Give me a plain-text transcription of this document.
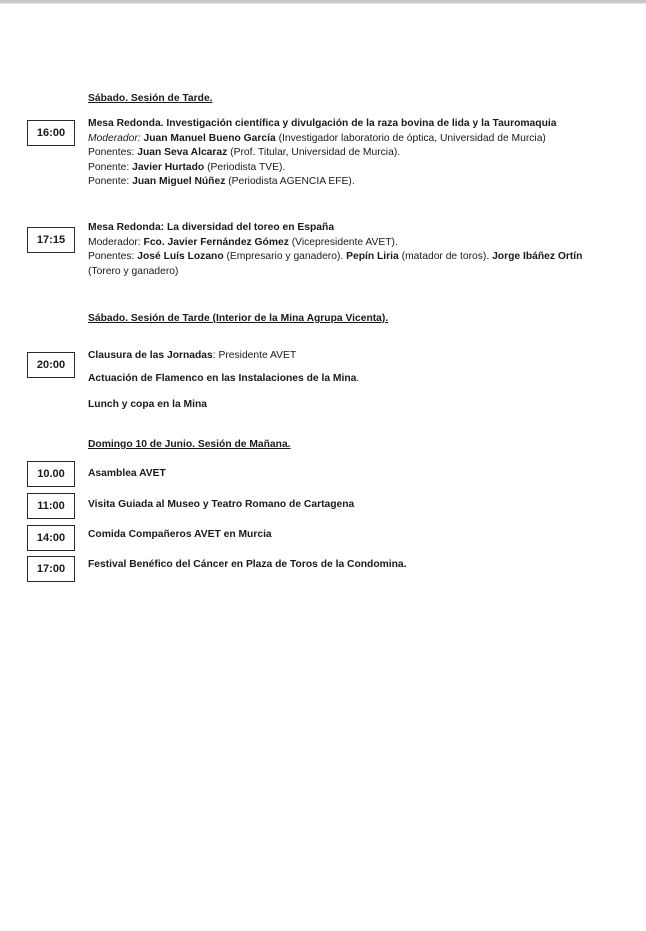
Sábado. Sesión de Tarde.
16:00
Mesa Redonda. Investigación científica y divulgación de la raza bovina de lida y la Tauromaquia
Moderador: Juan Manuel Bueno García (Investigador laboratorio de óptica, Universidad de Murcia)
Ponentes: Juan Seva Alcaraz (Prof. Titular, Universidad de Murcia).
Ponente: Javier Hurtado (Periodista TVE).
Ponente: Juan Miguel Núñez (Periodista AGENCIA EFE).
17:15
Mesa Redonda: La diversidad del toreo en España
Moderador: Fco. Javier Fernández Gómez (Vicepresidente AVET).
Ponentes: José Luís Lozano (Empresario y ganadero). Pepín Liria (matador de toros). Jorge Ibáñez Ortín (Torero y ganadero)
Sábado. Sesión de Tarde (Interior de la Mina Agrupa Vicenta).
20:00
Clausura de las Jornadas: Presidente AVET
Actuación de Flamenco en las Instalaciones de la Mina.
Lunch y copa en la Mina
Domingo 10 de Junio. Sesión de Mañana.
10.00	Asamblea AVET
11:00	Visita Guiada al Museo y Teatro Romano de Cartagena
14:00	Comida Compañeros AVET en Murcia
17:00	Festival Benéfico del Cáncer en Plaza de Toros de la Condomina.
